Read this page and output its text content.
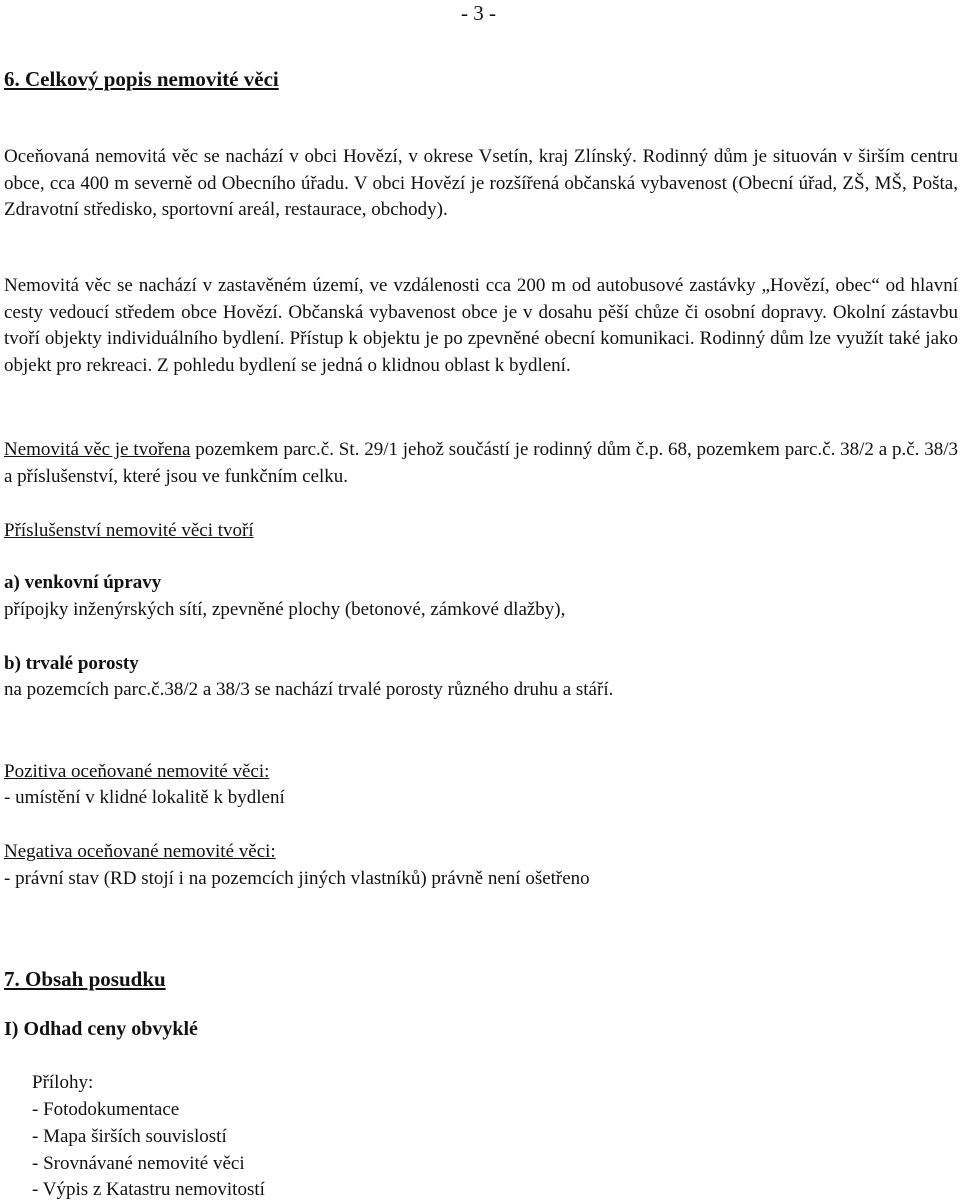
- 3 -
6. Celkový popis nemovité věci

Oceňovaná nemovitá věc se nachází v obci Hovězí, v okrese Vsetín, kraj Zlínský. Rodinný dům je situován v širším centru obce, cca 400 m severně od Obecního úřadu. V obci Hovězí je rozšířená občanská vybavenost (Obecní úřad, ZŠ, MŠ, Pošta, Zdravotní středisko, sportovní areál, restaurace, obchody).

Nemovitá věc se nachází v zastavěném území, ve vzdálenosti cca 200 m od autobusové zastávky „Hovězí, obec“ od hlavní cesty vedoucí středem obce Hovězí. Občanská vybavenost obce je v dosahu pěší chůze či osobní dopravy. Okolní zástavbu tvoří objekty individuálního bydlení. Přístup k objektu je po zpevněné obecní komunikaci. Rodinný dům lze využít také jako objekt pro rekreaci. Z pohledu bydlení se jedná o klidnou oblast k bydlení.

Nemovitá věc je tvořena pozemkem parc.č. St. 29/1 jehož součástí je rodinný dům č.p. 68, pozemkem parc.č. 38/2 a p.č. 38/3 a příslušenství, které jsou ve funkčním celku.

Příslušenství nemovité věci tvoří
a) venkovní úpravy
přípojky inženýrských sítí, zpevněné plochy (betonové, zámkové dlažby),
b) trvalé porosty
na pozemcích parc.č.38/2 a 38/3 se nachází trvalé porosty různého druhu a stáří.
Pozitiva oceňované nemovité věci:
- umístění v klidné lokalitě k bydlení
Negativa oceňované nemovité věci:
- právní stav (RD stojí i na pozemcích jiných vlastníků) právně není ošetřeno
7. Obsah posudku
I) Odhad ceny obvyklé
Přílohy:
- Fotodokumentace
- Mapa širších souvislostí
- Srovnávané nemovité věci
- Výpis z Katastru nemovitostí
